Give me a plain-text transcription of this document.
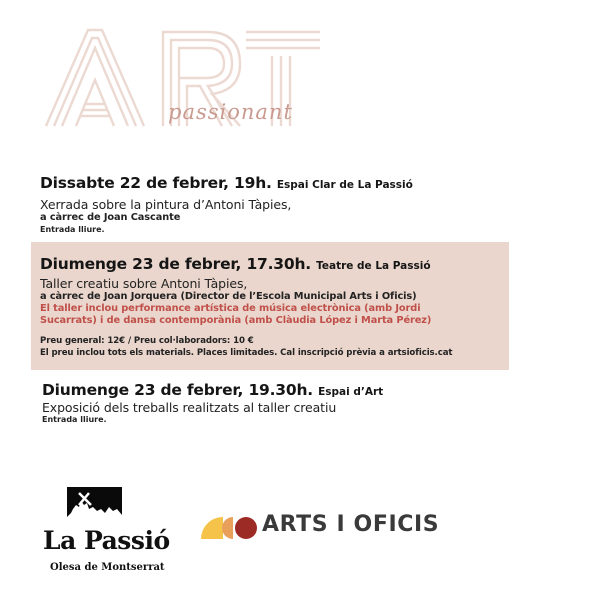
passionant
Dissabte 22 de febrer, 19h. Espai Clar de La Passió
Xerrada sobre la pintura d’Antoni Tàpies,
a càrrec de Joan Cascante
Entrada lliure.
Diumenge 23 de febrer, 17.30h. Teatre de La Passió
Taller creatiu sobre Antoni Tàpies,
a càrrec de Joan Jorquera (Director de l’Escola Municipal Arts i Oficis)
El taller inclou performance artística de música electrònica (amb Jordi
Sucarrats) i de dansa contemporània (amb Clàudia López i Marta Pérez)
Preu general: 12€ / Preu col·laboradors: 10 €
El preu inclou tots els materials. Places limitades. Cal inscripció prèvia a artsioficis.cat
Diumenge 23 de febrer, 19.30h. Espai d’Art
Exposició dels treballs realitzats al taller creatiu
Entrada lliure.
La Passió
Olesa de Montserrat
ARTS I OFICIS
